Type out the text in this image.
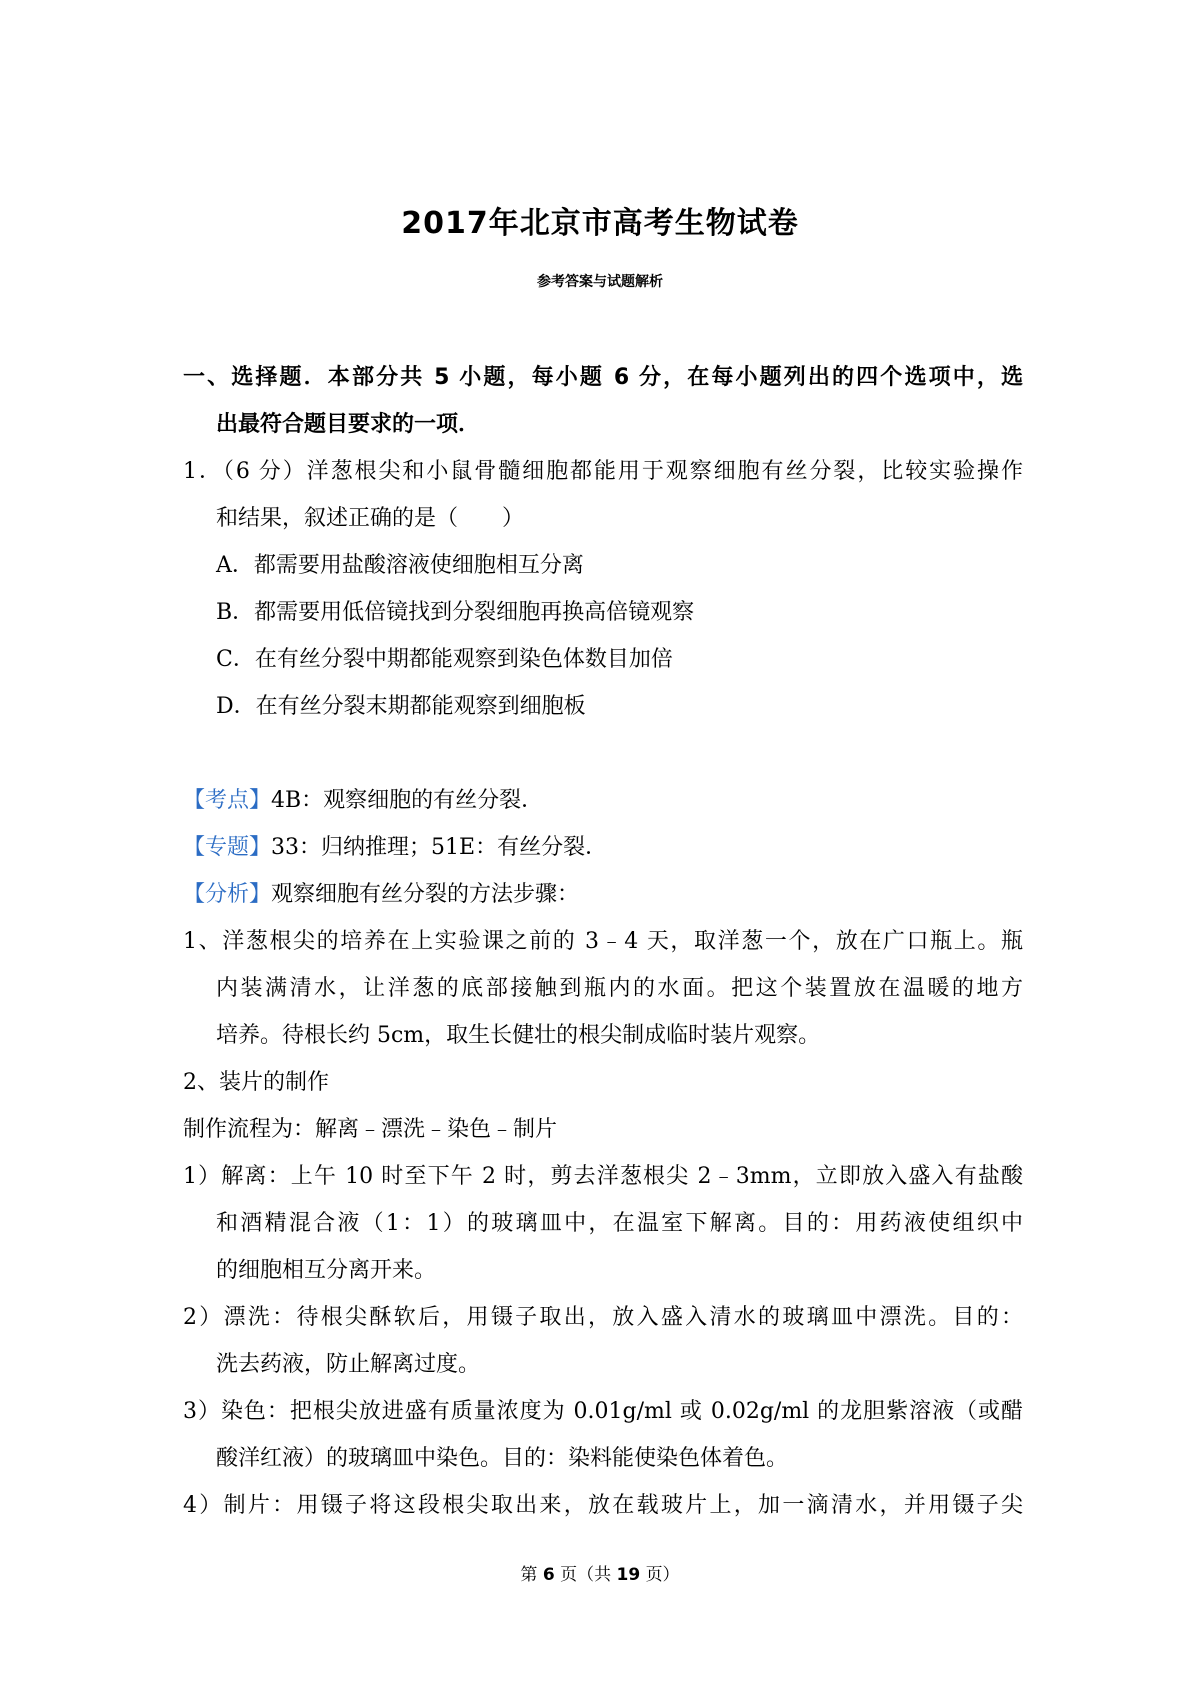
2017年北京市高考生物试卷
参考答案与试题解析
一、选择题．本部分共 5 小题，每小题 6 分，在每小题列出的四个选项中，选
出最符合题目要求的一项．
1．（6 分）洋葱根尖和小鼠骨髓细胞都能用于观察细胞有丝分裂，比较实验操作
和结果，叙述正确的是（　　）
A．都需要用盐酸溶液使细胞相互分离
B．都需要用低倍镜找到分裂细胞再换高倍镜观察
C．在有丝分裂中期都能观察到染色体数目加倍
D．在有丝分裂末期都能观察到细胞板
【考点】4B：观察细胞的有丝分裂．
【专题】33：归纳推理；51E：有丝分裂．
【分析】观察细胞有丝分裂的方法步骤：
1、洋葱根尖的培养在上实验课之前的 3﹣4 天，取洋葱一个，放在广口瓶上。瓶
内装满清水，让洋葱的底部接触到瓶内的水面。把这个装置放在温暖的地方
培养。待根长约 5cm，取生长健壮的根尖制成临时装片观察。
2、装片的制作
制作流程为：解离﹣漂洗﹣染色﹣制片
1）解离：上午 10 时至下午 2 时，剪去洋葱根尖 2﹣3mm，立即放入盛入有盐酸
和酒精混合液（1：1）的玻璃皿中，在温室下解离。目的：用药液使组织中
的细胞相互分离开来。
2）漂洗：待根尖酥软后，用镊子取出，放入盛入清水的玻璃皿中漂洗。目的：
洗去药液，防止解离过度。
3）染色：把根尖放进盛有质量浓度为 0.01g/ml 或 0.02g/ml 的龙胆紫溶液（或醋
酸洋红液）的玻璃皿中染色。目的：染料能使染色体着色。
4）制片：用镊子将这段根尖取出来，放在载玻片上，加一滴清水，并用镊子尖
第 6 页（共 19 页）
